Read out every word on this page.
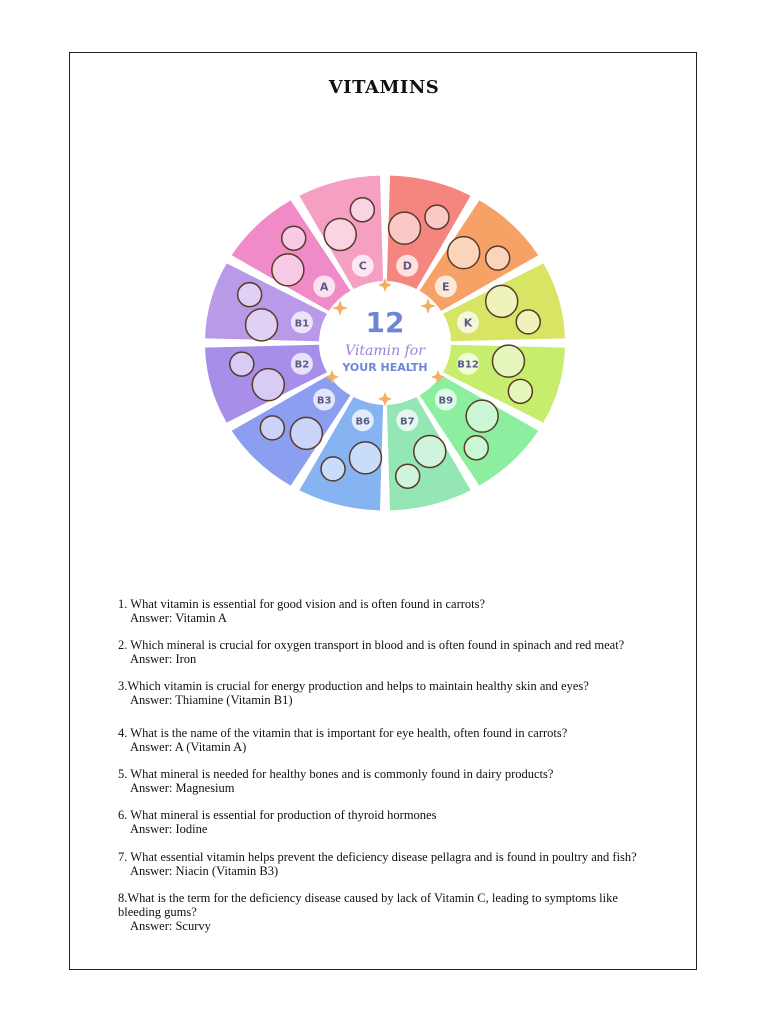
VITAMINS
D
E
K
B12
B9
B7
B6
B3
B2
B1
A
C
12
Vitamin for
YOUR HEALTH
1. What vitamin is essential for good vision and is often found in carrots?
Answer: Vitamin A
2. Which mineral is crucial for oxygen transport in blood and is often found in spinach and red meat?
Answer: Iron
3.Which vitamin is crucial for energy production and helps to maintain healthy skin and eyes?
Answer: Thiamine (Vitamin B1)
4. What is the name of the vitamin that is important for eye health, often found in carrots?
Answer: A (Vitamin A)
5. What mineral is needed for healthy bones and is commonly found in dairy products?
Answer: Magnesium
6. What mineral is essential for production of thyroid hormones
Answer: Iodine
7. What essential vitamin helps prevent the deficiency disease pellagra and is found in poultry and fish?
Answer: Niacin (Vitamin B3)
8.What is the term for the deficiency disease caused by lack of Vitamin C, leading to symptoms like bleeding gums?
Answer: Scurvy
